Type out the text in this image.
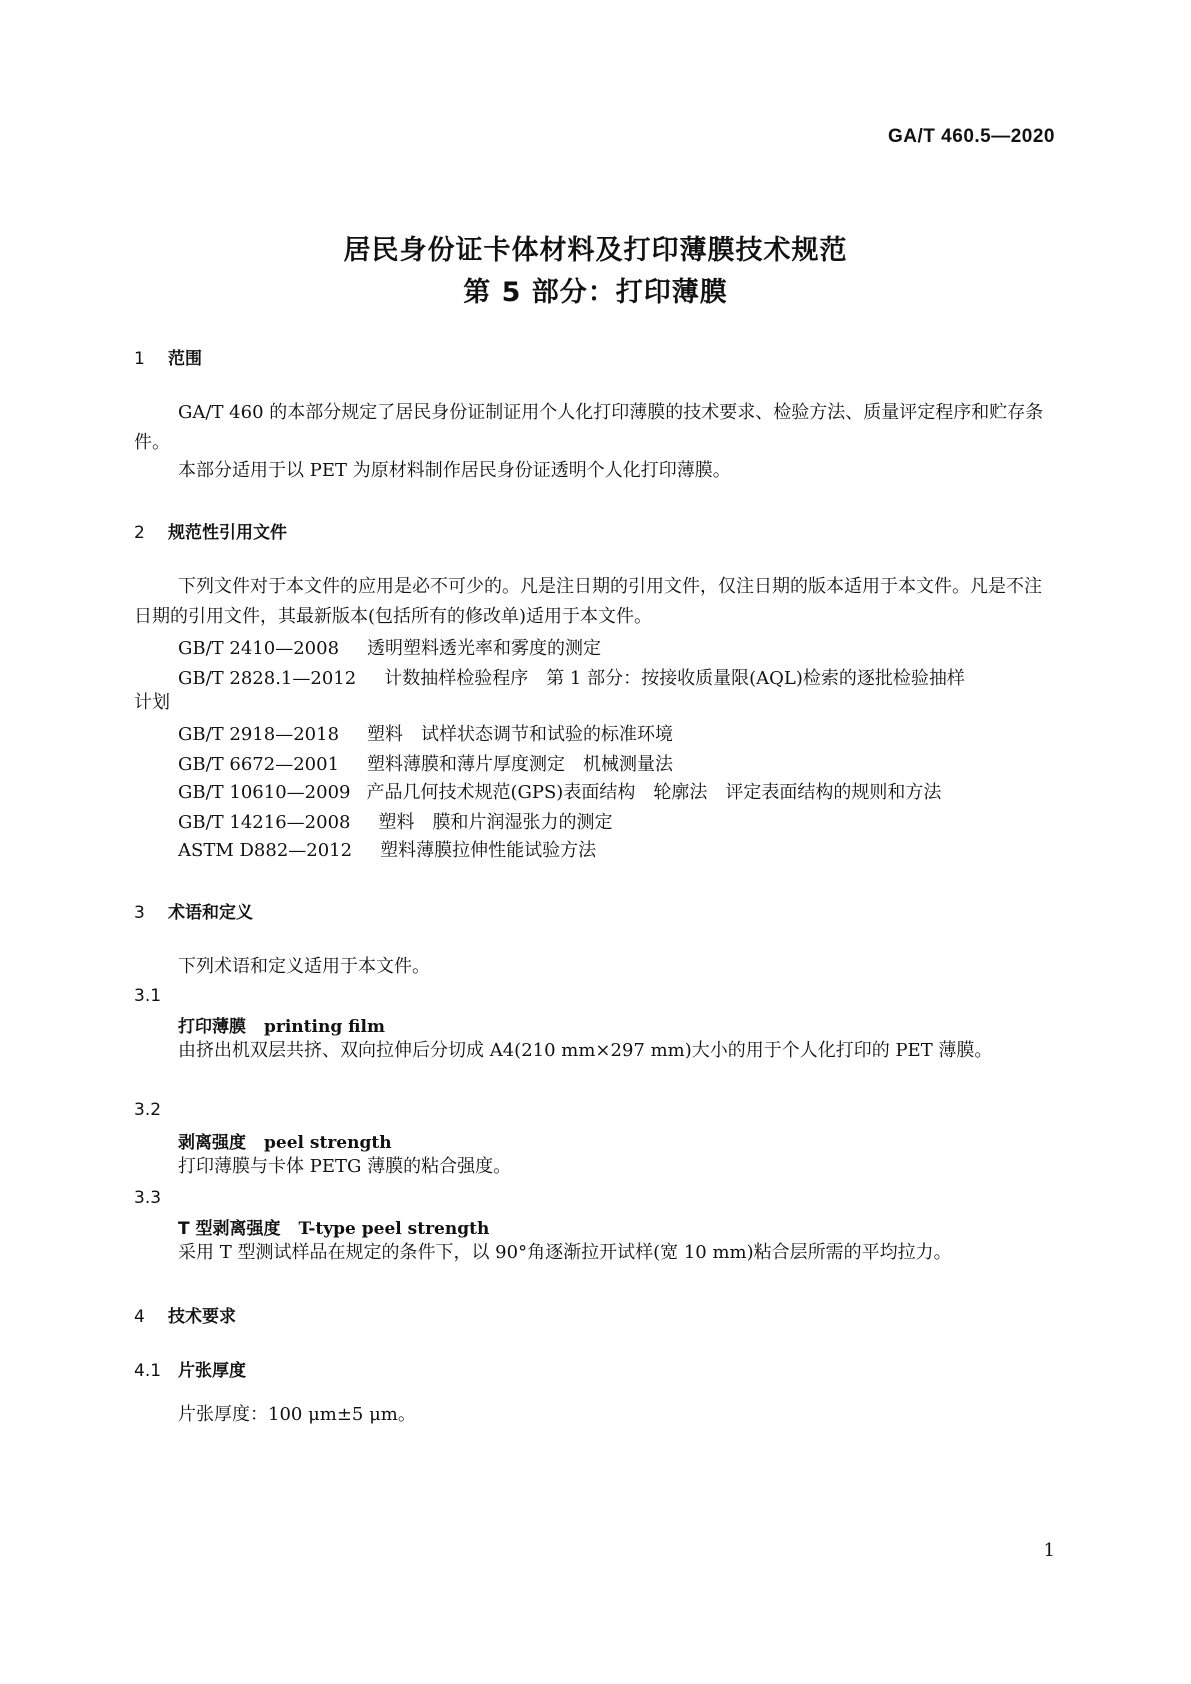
GA/T 460.5—2020
居民身份证卡体材料及打印薄膜技术规范
第 5 部分：打印薄膜
1 范围
GA/T 460 的本部分规定了居民身份证制证用个人化打印薄膜的技术要求、检验方法、质量评定程序和贮存条件。
本部分适用于以 PET 为原材料制作居民身份证透明个人化打印薄膜。
2 规范性引用文件
下列文件对于本文件的应用是必不可少的。凡是注日期的引用文件，仅注日期的版本适用于本文件。凡是不注日期的引用文件，其最新版本(包括所有的修改单)适用于本文件。
GB/T 2410—2008 透明塑料透光率和雾度的测定
GB/T 2828.1—2012 计数抽样检验程序　第 1 部分：按接收质量限(AQL)检索的逐批检验抽样
计划
GB/T 2918—2018 塑料　试样状态调节和试验的标准环境
GB/T 6672—2001 塑料薄膜和薄片厚度测定　机械测量法
GB/T 10610—2009 产品几何技术规范(GPS)表面结构　轮廓法　评定表面结构的规则和方法
GB/T 14216—2008 塑料　膜和片润湿张力的测定
ASTM D882—2012 塑料薄膜拉伸性能试验方法
3 术语和定义
下列术语和定义适用于本文件。
3.1
打印薄膜 printing film
由挤出机双层共挤、双向拉伸后分切成 A4(210 mm×297 mm)大小的用于个人化打印的 PET 薄膜。
3.2
剥离强度 peel strength
打印薄膜与卡体 PETG 薄膜的粘合强度。
3.3
T 型剥离强度 T-type peel strength
采用 T 型测试样品在规定的条件下，以 90°角逐渐拉开试样(宽 10 mm)粘合层所需的平均拉力。
4 技术要求
4.1 片张厚度
片张厚度：100 μm±5 μm。
1
